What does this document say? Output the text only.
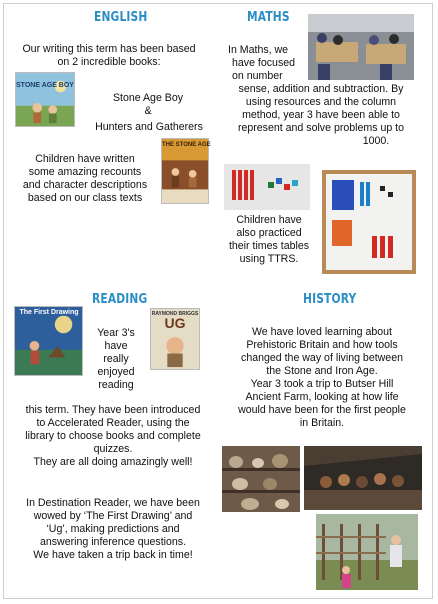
ENGLISH
Our writing this term has been based
on 2 incredible books:
STONE AGE BOY
Stone Age Boy
&
Hunters and Gatherers
THE STONE AGE
Children have written
some amazing recounts
and character descriptions
based on our class texts
MATHS
In Maths, we
have focused
on number
sense, addition and subtraction. By
using resources and the column
method, year 3 have been able to
represent and solve problems up to
1000.
Children have
also practiced
their times tables
using TTRS.
READING
The First Drawing	RAYMOND BRIGGS
UG
Year 3's
have
really
enjoyed
reading
this term. They have been introduced
to Accelerated Reader, using the
library to choose books and complete
quizzes.
They are all doing amazingly well!
In Destination Reader, we have been
wowed by ‘The First Drawing’ and
‘Ug’, making predictions and
answering inference questions.
We have taken a trip back in time!
HISTORY
We have loved learning about
Prehistoric Britain and how tools
changed the way of living between
the Stone and Iron Age.
Year 3 took a trip to Butser Hill
Ancient Farm, looking at how life
would have been for the first people
in Britain.
